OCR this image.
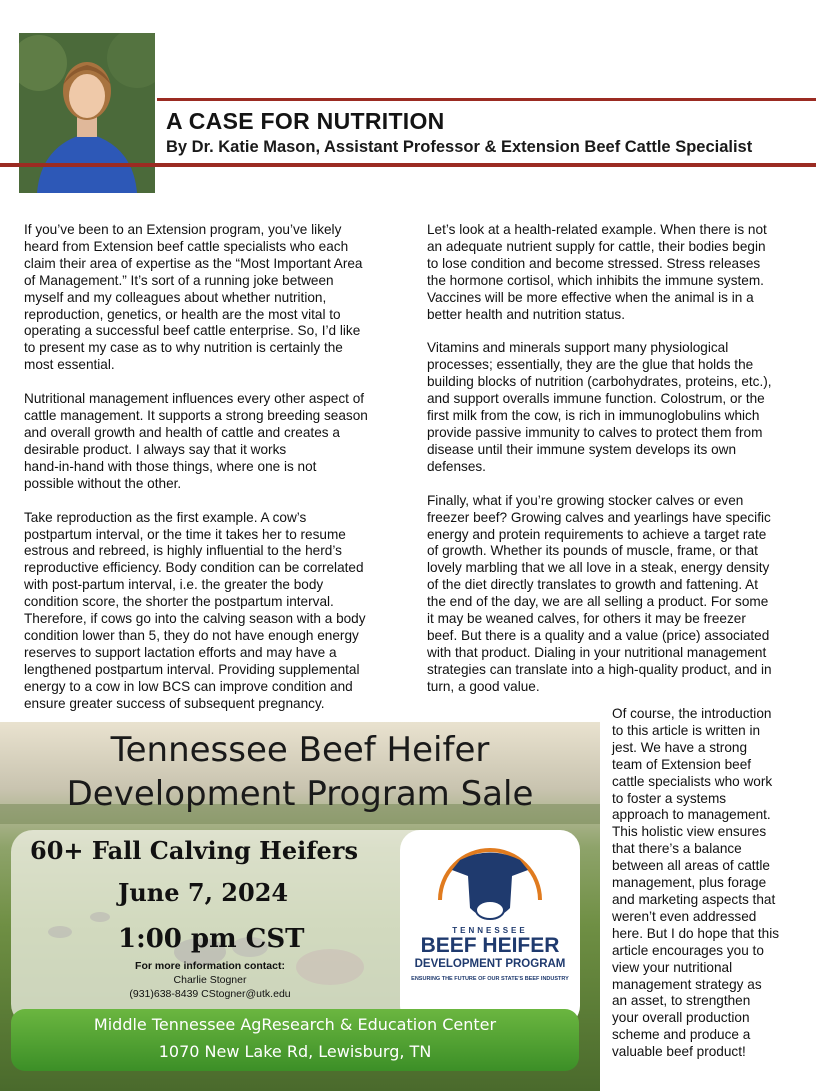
A CASE FOR NUTRITION
By Dr. Katie Mason, Assistant Professor & Extension Beef Cattle Specialist

If you’ve been to an Extension program, you’ve likely
heard from Extension beef cattle specialists who each
claim their area of expertise as the “Most Important Area
of Management.” It’s sort of a running joke between
myself and my colleagues about whether nutrition,
reproduction, genetics, or health are the most vital to
operating a successful beef cattle enterprise. So, I’d like
to present my case as to why nutrition is certainly the
most essential.

Nutritional management influences every other aspect of
cattle management. It supports a strong breeding season
and overall growth and health of cattle and creates a
desirable product. I always say that it works
hand-in-hand with those things, where one is not
possible without the other.

Take reproduction as the first example. A cow’s
postpartum interval, or the time it takes her to resume
estrous and rebreed, is highly influential to the herd’s
reproductive efficiency. Body condition can be correlated
with post-partum interval, i.e. the greater the body
condition score, the shorter the postpartum interval.
Therefore, if cows go into the calving season with a body
condition lower than 5, they do not have enough energy
reserves to support lactation efforts and may have a
lengthened postpartum interval. Providing supplemental
energy to a cow in low BCS can improve condition and
ensure greater success of subsequent pregnancy.

Let’s look at a health-related example. When there is not
an adequate nutrient supply for cattle, their bodies begin
to lose condition and become stressed. Stress releases
the hormone cortisol, which inhibits the immune system.
Vaccines will be more effective when the animal is in a
better health and nutrition status.

Vitamins and minerals support many physiological
processes; essentially, they are the glue that holds the
building blocks of nutrition (carbohydrates, proteins, etc.),
and support overalls immune function. Colostrum, or the
first milk from the cow, is rich in immunoglobulins which
provide passive immunity to calves to protect them from
disease until their immune system develops its own
defenses.

Finally, what if you’re growing stocker calves or even
freezer beef? Growing calves and yearlings have specific
energy and protein requirements to achieve a target rate
of growth. Whether its pounds of muscle, frame, or that
lovely marbling that we all love in a steak, energy density
of the diet directly translates to growth and fattening. At
the end of the day, we are all selling a product. For some
it may be weaned calves, for others it may be freezer
beef. But there is a quality and a value (price) associated
with that product. Dialing in your nutritional management
strategies can translate into a high-quality product, and in
turn, a good value.

Of course, the introduction
to this article is written in
jest. We have a strong
team of Extension beef
cattle specialists who work
to foster a systems
approach to management.
This holistic view ensures
that there’s a balance
between all areas of cattle
management, plus forage
and marketing aspects that
weren’t even addressed
here. But I do hope that this
article encourages you to
view your nutritional
management strategy as
an asset, to strengthen
your overall production
scheme and produce a
valuable beef product!

Tennessee Beef Heifer
Development Program Sale
60+ Fall Calving Heifers
June 7, 2024
1:00 pm CST
For more information contact:
Charlie Stogner
(931)638-8439 CStogner@utk.edu
TENNESSEE
BEEF HEIFER
DEVELOPMENT PROGRAM
ENSURING THE FUTURE OF OUR STATE'S BEEF INDUSTRY
Middle Tennessee AgResearch & Education Center
1070 New Lake Rd, Lewisburg, TN
